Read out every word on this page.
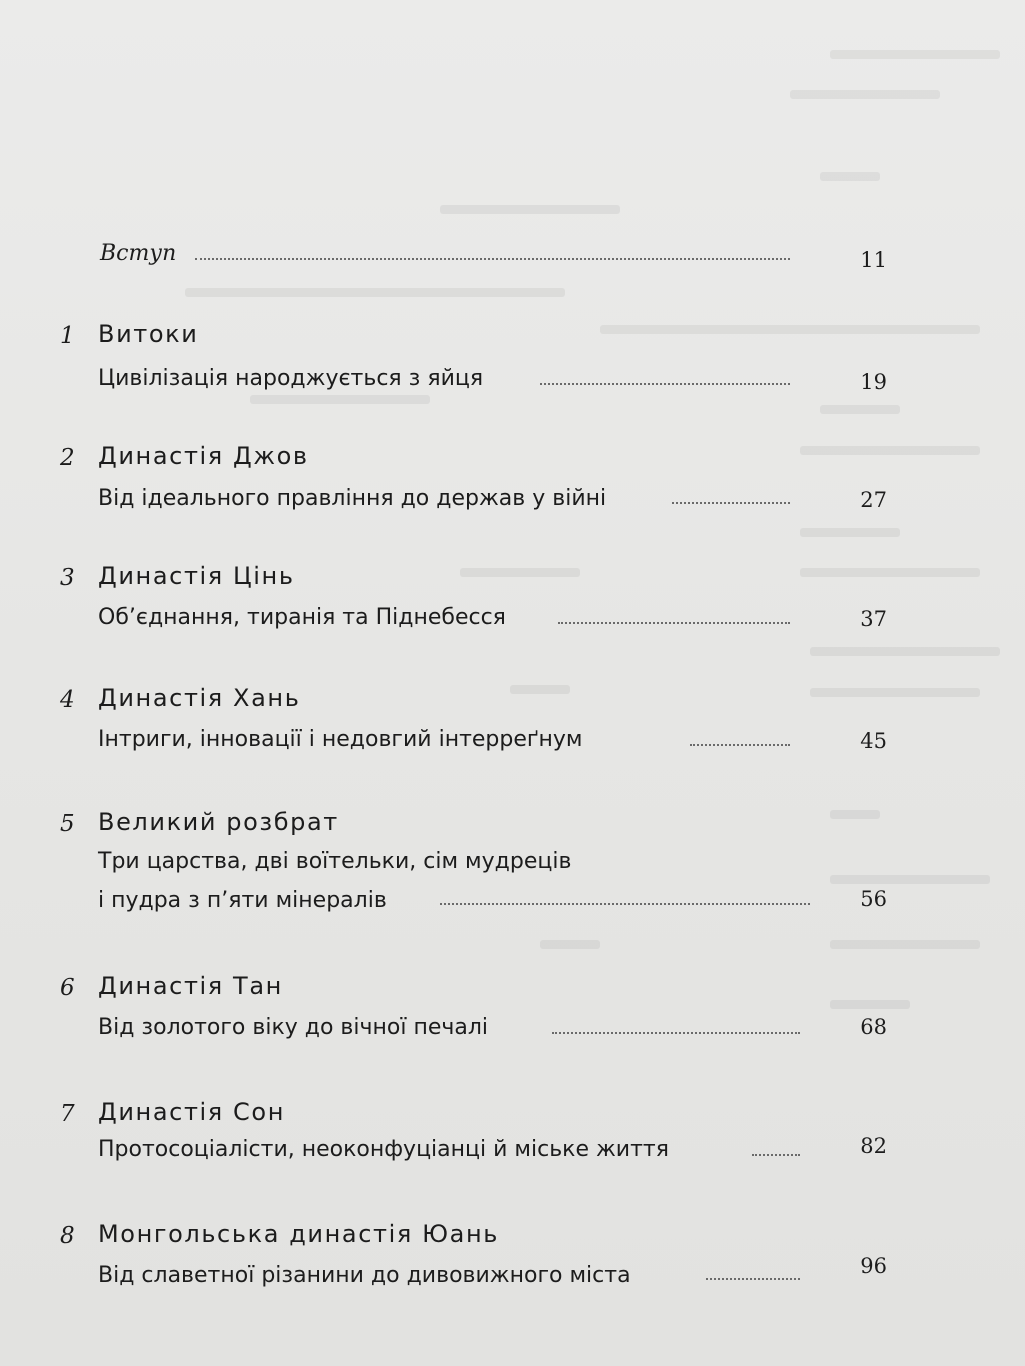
Вступ	11
1 Витоки
Цивілізація народжується з яйця	19
2 Династія Джов
Від ідеального правління до держав у війні	27
3 Династія Цінь
Об’єднання, тиранія та Піднебесся	37
4 Династія Хань
Інтриги, інновації і недовгий інтерреґнум	45
5 Великий розбрат
Три царства, дві воїтельки, сім мудреців
і пудра з п’яти мінералів	56
6 Династія Тан
Від золотого віку до вічної печалі	68
7 Династія Сон
Протосоціалісти, неоконфуціанці й міське життя	82
8 Монгольська династія Юань
Від славетної різанини до дивовижного міста	96
